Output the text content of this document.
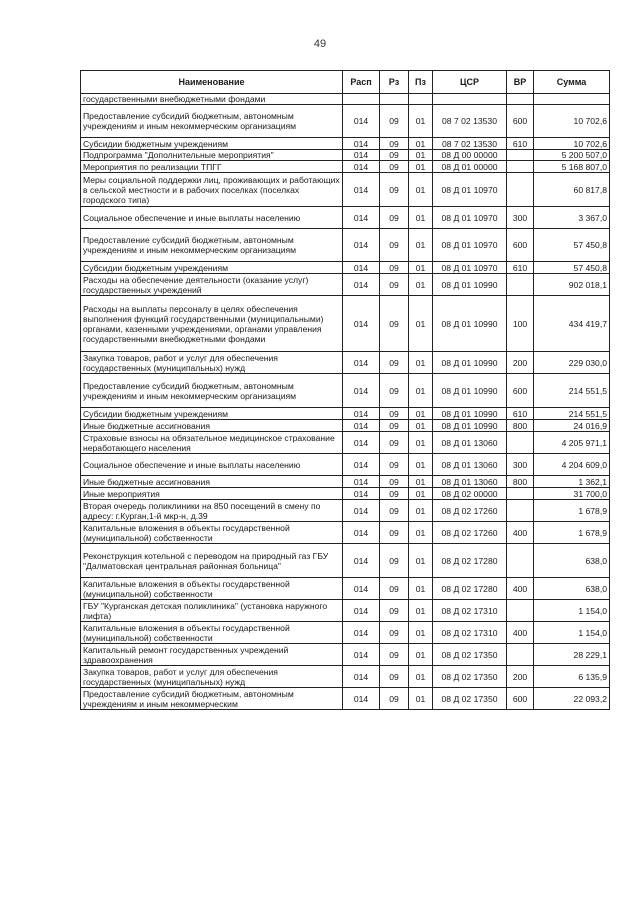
49
Наименование	Расп	Рз	Пз	ЦСР	ВР	Сумма
государственными внебюджетными фондами						
Предоставление субсидий бюджетным, автономным учреждениям и иным некоммерческим организациям	014	09	01	08 7 02 13530	600	10 702,6
Субсидии бюджетным учреждениям	014	09	01	08 7 02 13530	610	10 702,6
Подпрограмма "Дополнительные мероприятия"	014	09	01	08 Д 00 00000		5 200 507,0
Мероприятия по реализации ТПГГ	014	09	01	08 Д 01 00000		5 168 807,0
Меры социальной поддержки лиц, проживающих и работающих в сельской местности и в рабочих поселках (поселках городского типа)	014	09	01	08 Д 01 10970		60 817,8
Социальное обеспечение и иные выплаты населению	014	09	01	08 Д 01 10970	300	3 367,0
Предоставление субсидий бюджетным, автономным учреждениям и иным некоммерческим организациям	014	09	01	08 Д 01 10970	600	57 450,8
Субсидии бюджетным учреждениям	014	09	01	08 Д 01 10970	610	57 450,8
Расходы на обеспечение деятельности (оказание услуг) государственных учреждений	014	09	01	08 Д 01 10990		902 018,1
Расходы на выплаты персоналу в целях обеспечения выполнения функций государственными (муниципальными) органами, казенными учреждениями, органами управления государственными внебюджетными фондами	014	09	01	08 Д 01 10990	100	434 419,7
Закупка товаров, работ и услуг для обеспечения государственных (муниципальных) нужд	014	09	01	08 Д 01 10990	200	229 030,0
Предоставление субсидий бюджетным, автономным учреждениям и иным некоммерческим организациям	014	09	01	08 Д 01 10990	600	214 551,5
Субсидии бюджетным учреждениям	014	09	01	08 Д 01 10990	610	214 551,5
Иные бюджетные ассигнования	014	09	01	08 Д 01 10990	800	24 016,9
Страховые взносы на обязательное медицинское страхование неработающего населения	014	09	01	08 Д 01 13060		4 205 971,1
Социальное обеспечение и иные выплаты населению	014	09	01	08 Д 01 13060	300	4 204 609,0
Иные бюджетные ассигнования	014	09	01	08 Д 01 13060	800	1 362,1
Иные мероприятия	014	09	01	08 Д 02 00000		31 700,0
Вторая очередь поликлиники на 850 посещений в смену по адресу: г.Курган,1-й мкр-н, д.39	014	09	01	08 Д 02 17260		1 678,9
Капитальные вложения в объекты государственной (муниципальной) собственности	014	09	01	08 Д 02 17260	400	1 678,9
Реконструкция котельной с переводом на природный газ ГБУ "Далматовская центральная районная больница"	014	09	01	08 Д 02 17280		638,0
Капитальные вложения в объекты государственной (муниципальной) собственности	014	09	01	08 Д 02 17280	400	638,0
ГБУ "Курганская детская поликлиника" (установка наружного лифта)	014	09	01	08 Д 02 17310		1 154,0
Капитальные вложения в объекты государственной (муниципальной) собственности	014	09	01	08 Д 02 17310	400	1 154,0
Капитальный ремонт государственных учреждений здравоохранения	014	09	01	08 Д 02 17350		28 229,1
Закупка товаров, работ и услуг для обеспечения государственных (муниципальных) нужд	014	09	01	08 Д 02 17350	200	6 135,9
Предоставление субсидий бюджетным, автономным учреждениям и иным некоммерческим	014	09	01	08 Д 02 17350	600	22 093,2
